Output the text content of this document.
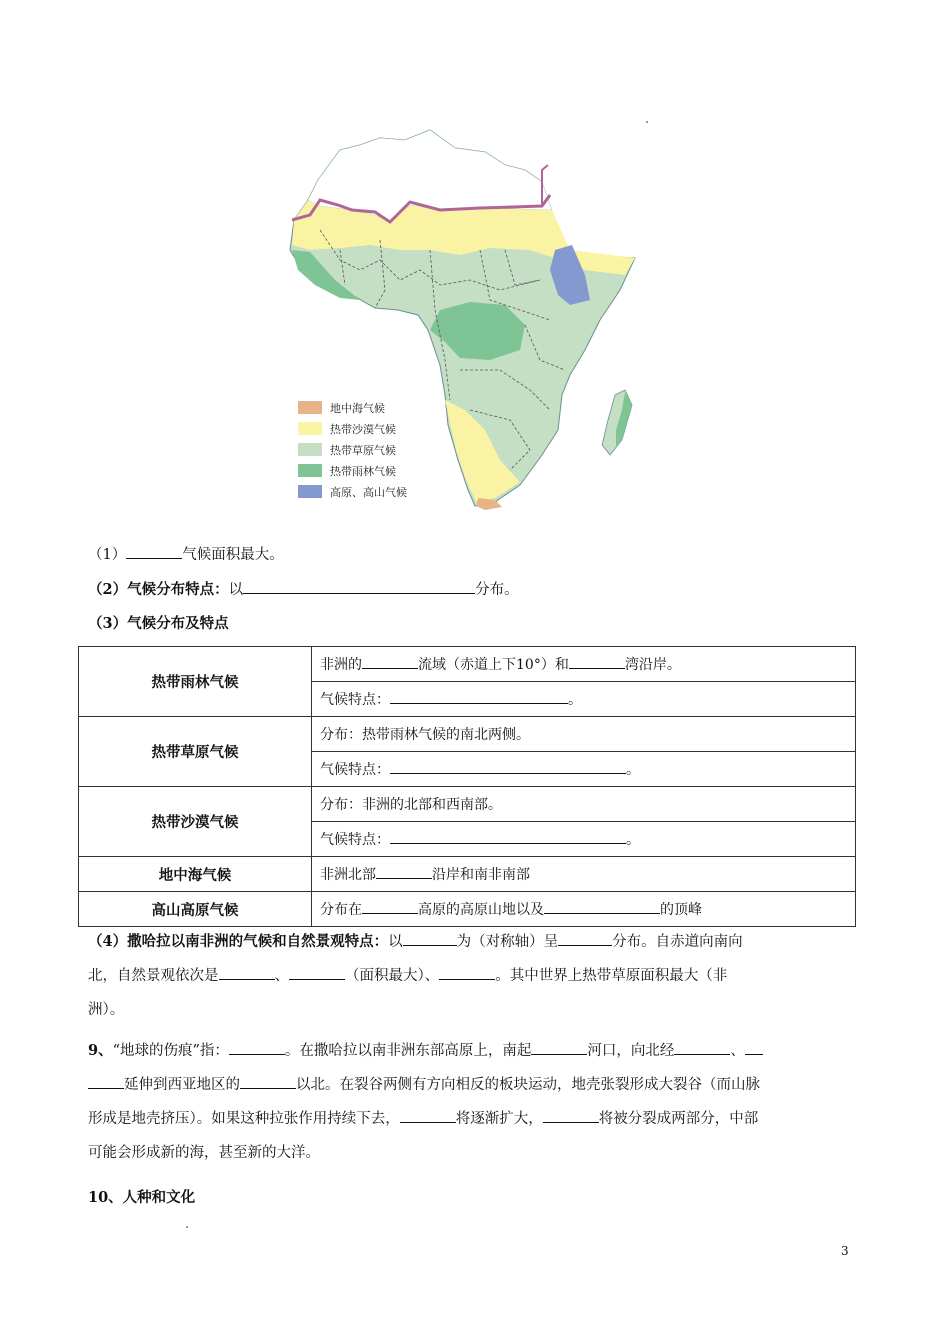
地中海气候
热带沙漠气候
热带草原气候
热带雨林气候
高原、高山气候
（1）	气候面积最大。
（2）气候分布特点：以	分布。
（3）气候分布及特点
热带雨林气候	非洲的 流域（赤道上下10°）和 湾沿岸。
	气候特点： 。
热带草原气候	分布：热带雨林气候的南北两侧。
	气候特点： 。
热带沙漠气候	分布：非洲的北部和西南部。
	气候特点： 。
地中海气候	非洲北部 沿岸和南非南部
高山高原气候	分布在 高原的高原山地以及 的顶峰
（4）撒哈拉以南非洲的气候和自然景观特点：以	为（对称轴）呈	分布。自赤道向南向
北，自然景观依次是	、	（面积最大）、	。其中世界上热带草原面积最大（非
洲）。
9、“地球的伤痕”指：	。在撒哈拉以南非洲东部高原上，南起	河口，向北经	、
延伸到西亚地区的	以北。在裂谷两侧有方向相反的板块运动，地壳张裂形成大裂谷（而山脉
形成是地壳挤压）。如果这种拉张作用持续下去，	将逐渐扩大，	将被分裂成两部分，中部
可能会形成新的海，甚至新的大洋。
10、人种和文化
3
